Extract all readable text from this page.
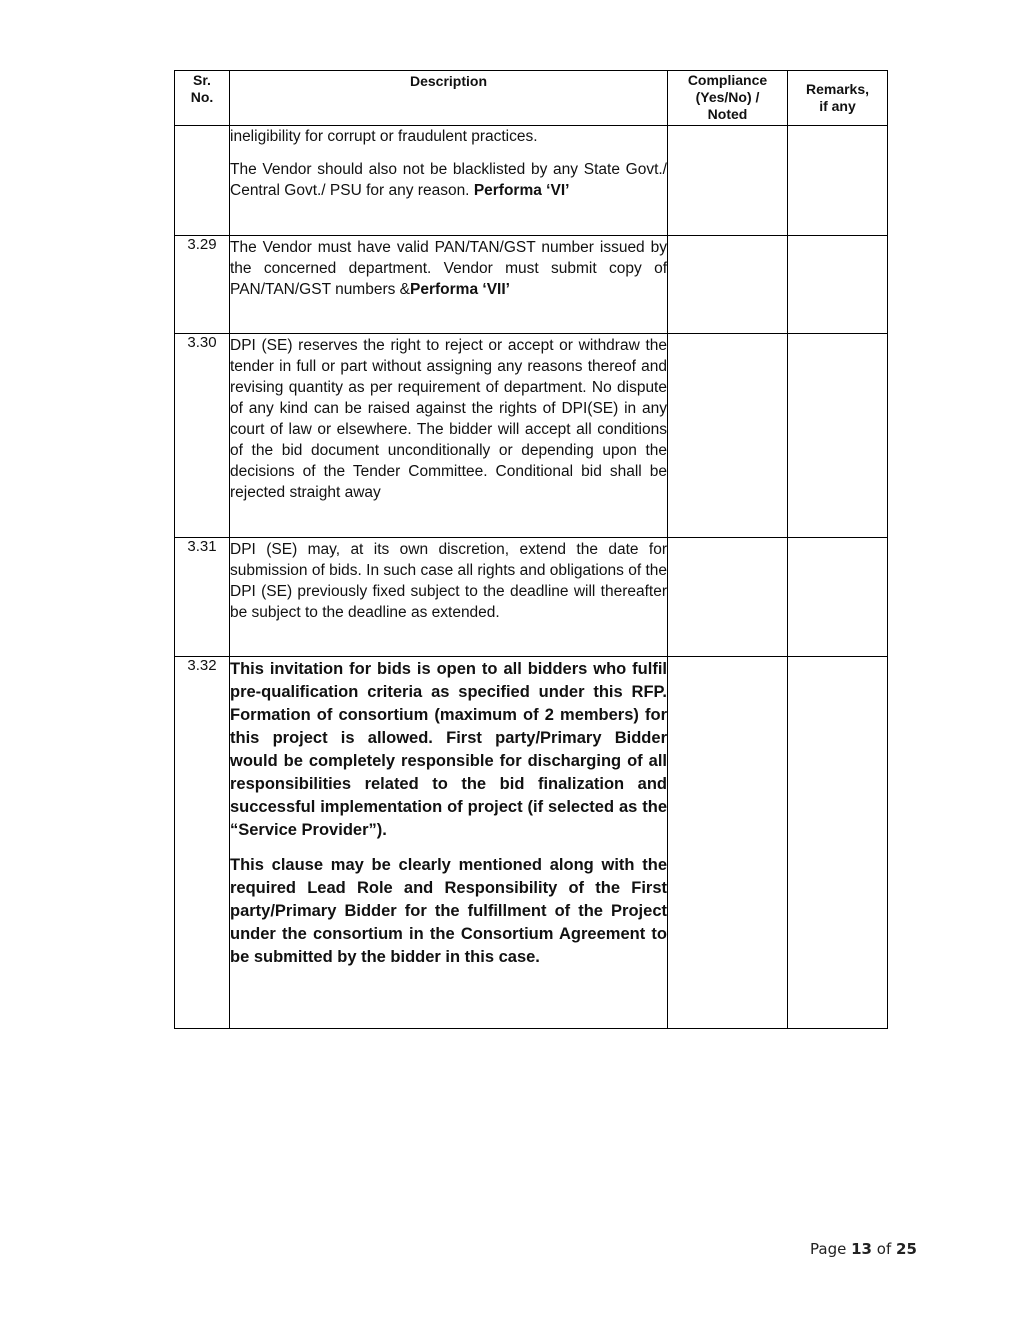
Sr. No.	Description	Compliance (Yes/No) / Noted	Remarks, if any

	ineligibility for corrupt or fraudulent practices.

The Vendor should also not be blacklisted by any State Govt./ Central Govt./ PSU for any reason. Performa ‘VI’		

3.29	The Vendor must have valid PAN/TAN/GST number issued by the concerned department. Vendor must submit copy of PAN/TAN/GST numbers &Performa ‘VII’		

3.30	DPI (SE) reserves the right to reject or accept or withdraw the tender in full or part without assigning any reasons thereof and revising quantity as per requirement of department. No dispute of any kind can be raised against the rights of DPI(SE) in any court of law or elsewhere. The bidder will accept all conditions of the bid document unconditionally or depending upon the decisions of the Tender Committee. Conditional bid shall be rejected straight away		

3.31	DPI (SE) may, at its own discretion, extend the date for submission of bids. In such case all rights and obligations of the DPI (SE) previously fixed subject to the deadline will thereafter be subject to the deadline as extended.		

3.32	This invitation for bids is open to all bidders who fulfil pre-qualification criteria as specified under this RFP. Formation of consortium (maximum of 2 members) for this project is allowed. First party/Primary Bidder would be completely responsible for discharging of all responsibilities related to the bid finalization and successful implementation of project (if selected as the “Service Provider”).

This clause may be clearly mentioned along with the required Lead Role and Responsibility of the First party/Primary Bidder for the fulfillment of the Project under the consortium in the Consortium Agreement to be submitted by the bidder in this case.		

Page 13 of 25
